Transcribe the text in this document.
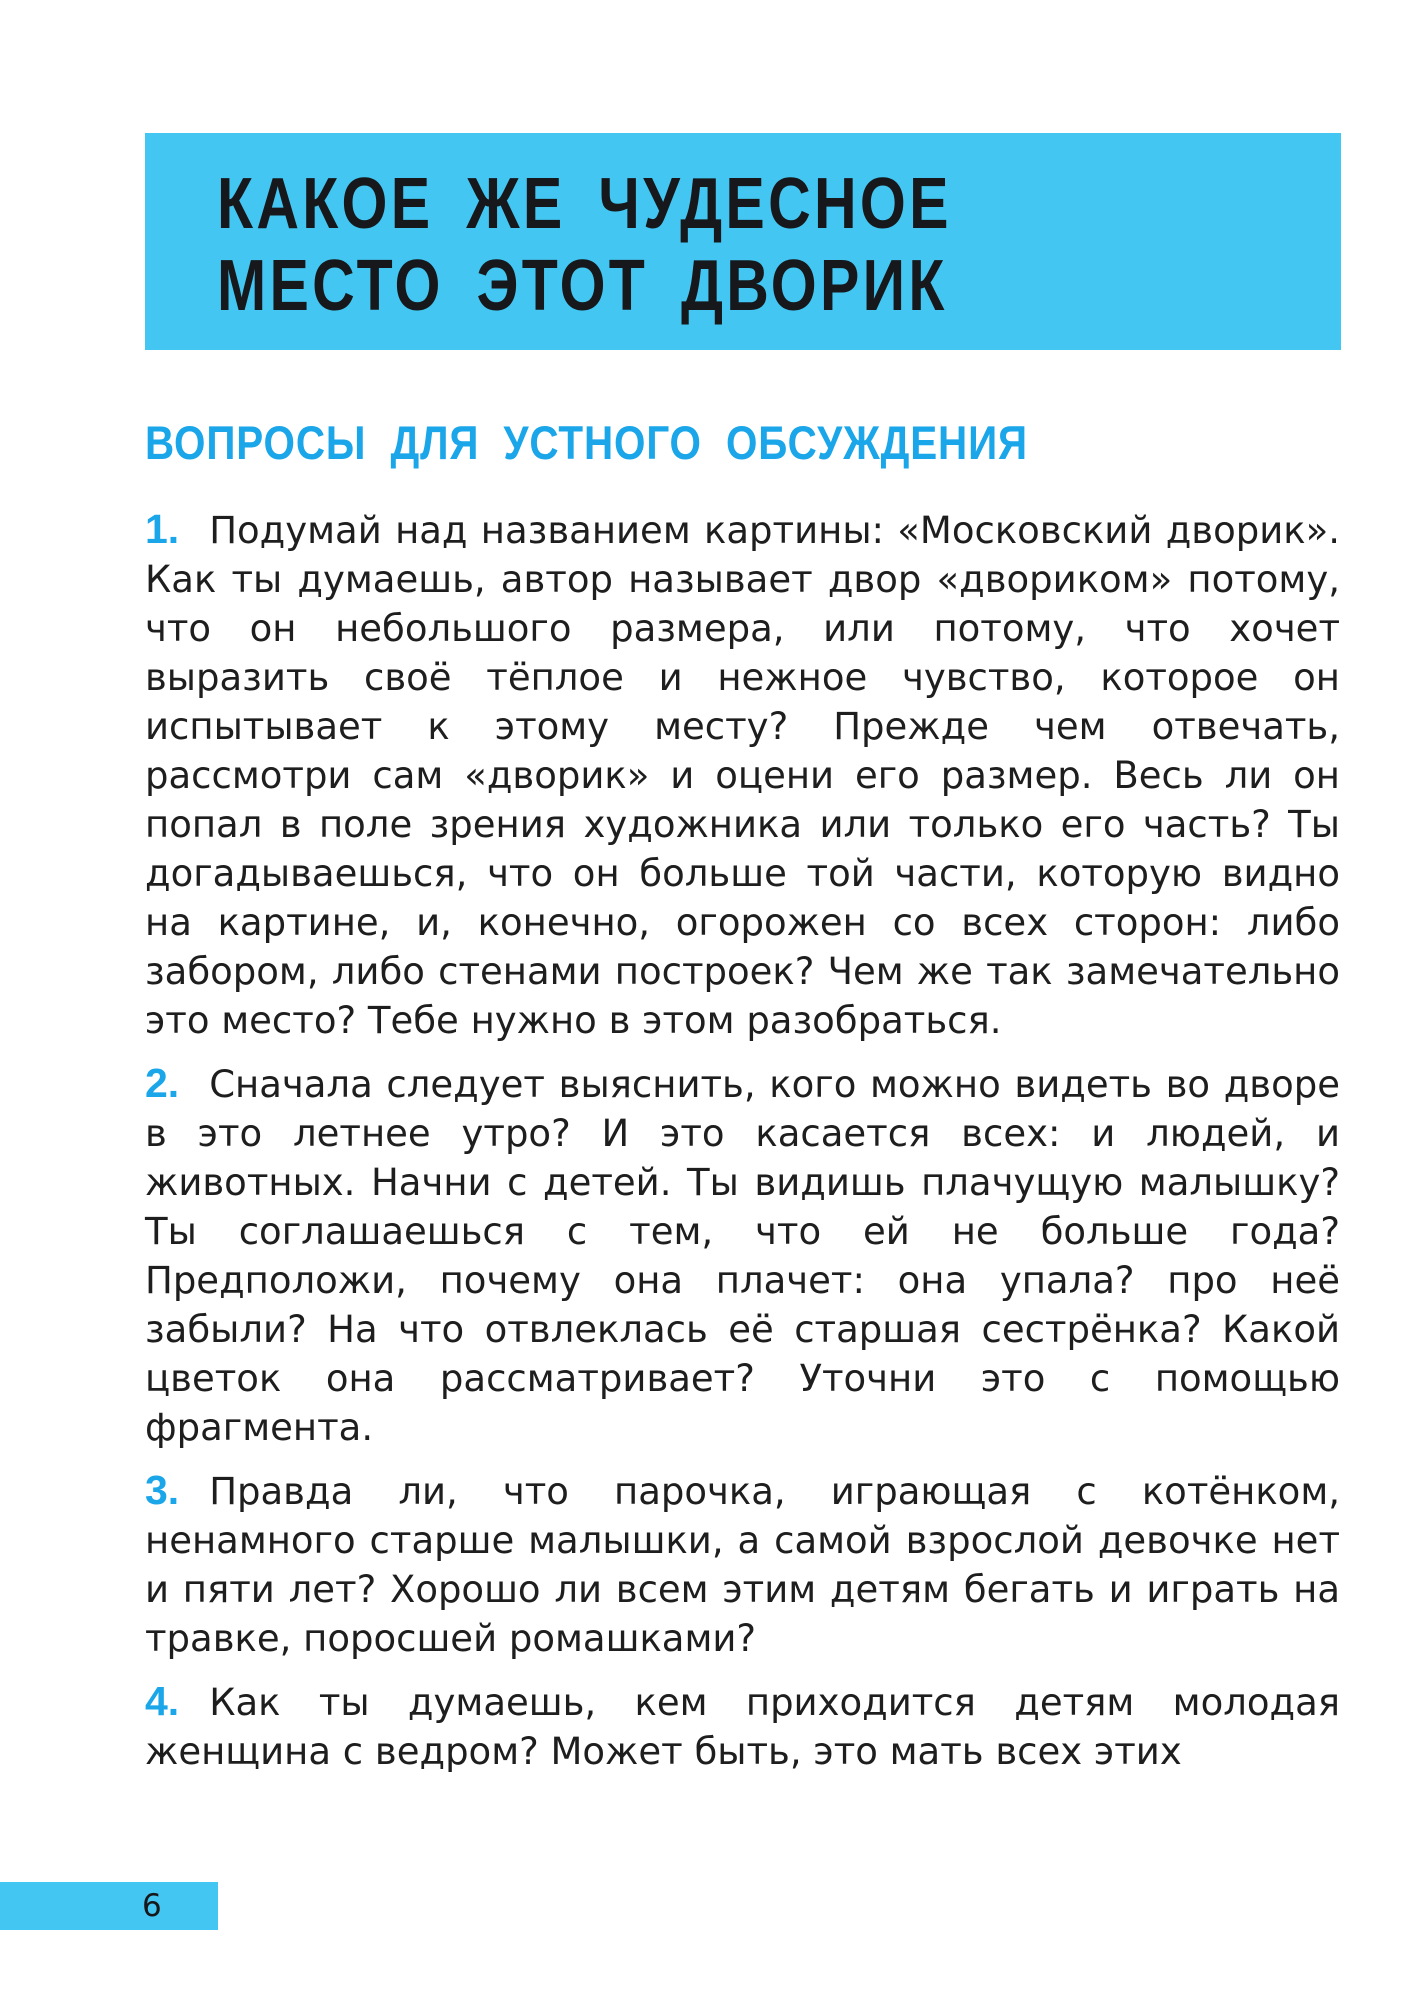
КАКОЕ ЖЕ ЧУДЕСНОЕ
МЕСТО ЭТОТ ДВОРИК
ВОПРОСЫ ДЛЯ УСТНОГО ОБСУЖДЕНИЯ

1. Подумай над названием картины: «Московский дворик». Как ты думаешь, автор называет двор «двориком» потому, что он небольшого размера, или потому, что хочет выразить своё тёплое и нежное чувство, которое он испытывает к этому месту? Прежде чем отвечать, рассмотри сам «дворик» и оцени его размер. Весь ли он попал в поле зрения художника или только его часть? Ты догадываешься, что он больше той части, которую видно на картине, и, конечно, огорожен со всех сторон: либо забором, либо стенами построек? Чем же так замечательно это место? Тебе нужно в этом разобраться.

2. Сначала следует выяснить, кого можно видеть во дворе в это летнее утро? И это касается всех: и людей, и животных. Начни с детей. Ты видишь плачущую малышку? Ты соглашаешься с тем, что ей не больше года? Предположи, почему она плачет: она упала? про неё забыли? На что отвлеклась её старшая сестрёнка? Какой цветок она рассматривает? Уточни это с помощью фрагмента.

3. Правда ли, что парочка, играющая с котёнком, ненамного старше малышки, а самой взрослой девочке нет и пяти лет? Хорошо ли всем этим детям бегать и играть на травке, поросшей ромашками?

4. Как ты думаешь, кем приходится детям молодая женщина с ведром? Может быть, это мать всех этих

6
